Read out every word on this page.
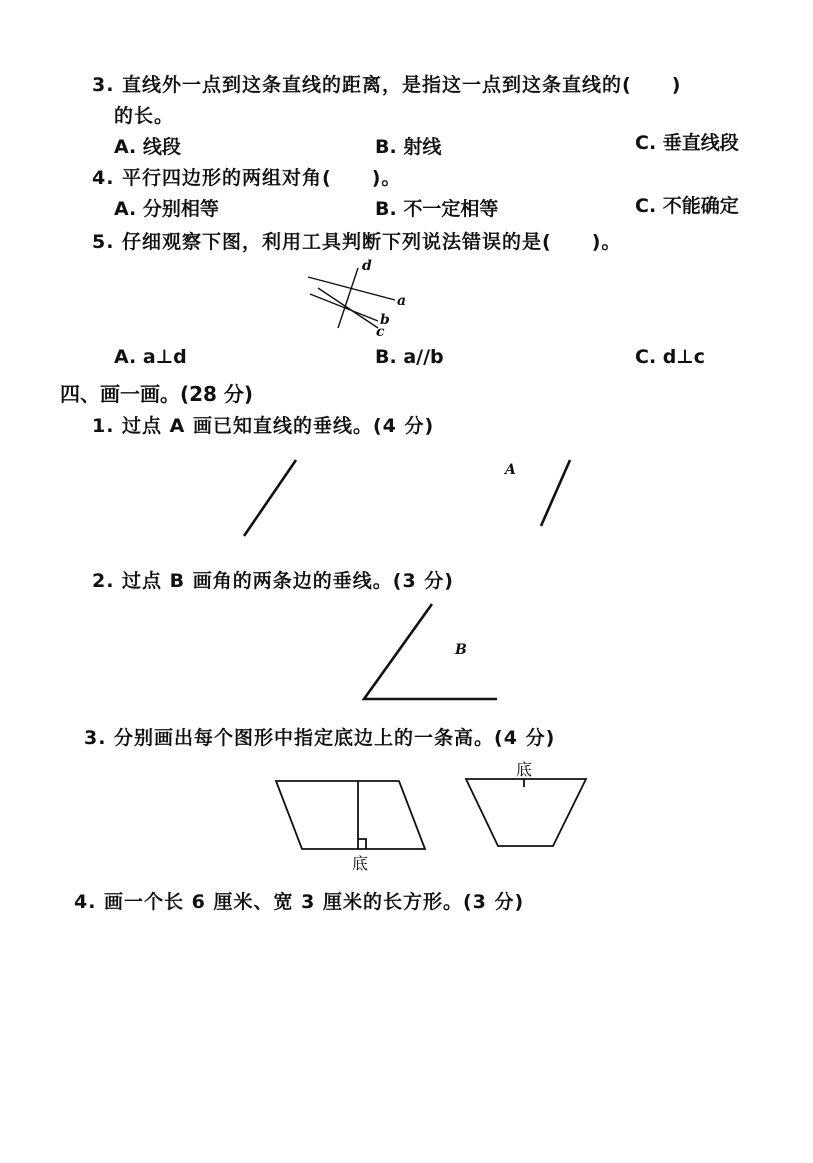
3. 直线外一点到这条直线的距离，是指这一点到这条直线的(　　)
的长。
A. 线段	B. 射线	C. 垂直线段
4. 平行四边形的两组对角(　　)。
A. 分别相等	B. 不一定相等	C. 不能确定
5. 仔细观察下图，利用工具判断下列说法错误的是(　　)。
A. a⊥d	B. a//b	C. d⊥c
四、画一画。(28 分)
1. 过点 A 画已知直线的垂线。(4 分)
2. 过点 B 画角的两条边的垂线。(3 分)
3. 分别画出每个图形中指定底边上的一条高。(4 分)
4. 画一个长 6 厘米、宽 3 厘米的长方形。(3 分)
d
a
b
c
A
B
底
底
